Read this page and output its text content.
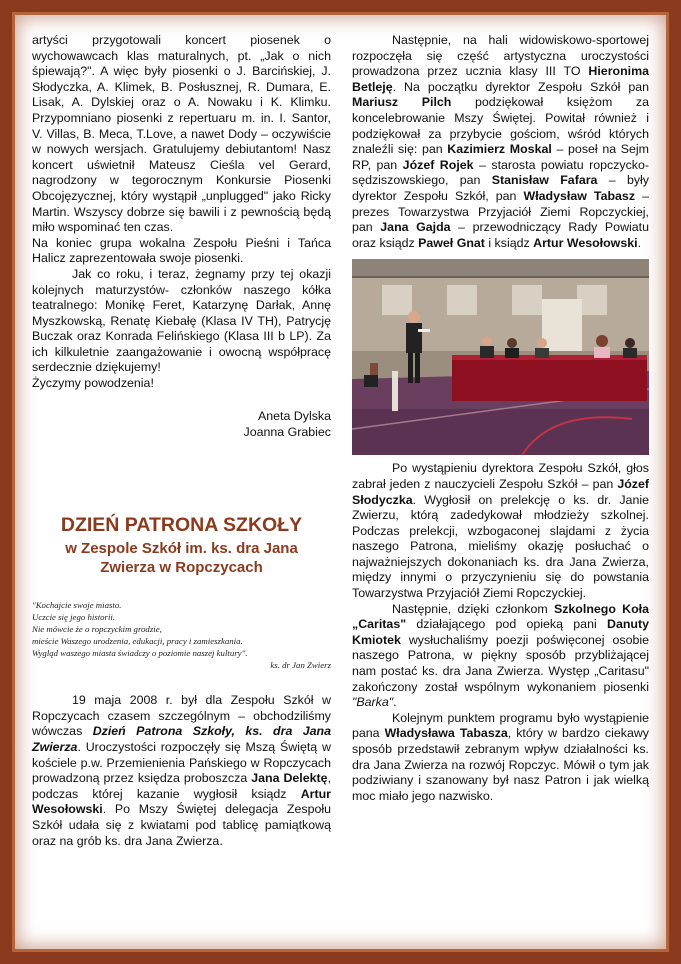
artyści przygotowali koncert piosenek o wychowawcach klas maturalnych, pt. „Jak o nich śpiewają?". A więc były piosenki o J. Barcińskiej, J. Słodyczka, A. Klimek, B. Posłusznej, R. Dumara, E. Lisak, A. Dylskiej oraz o A. Nowaku i K. Klimku. Przypomniano piosenki z repertuaru m. in. I. Santor, V. Villas, B. Meca, T.Love, a nawet Dody – oczywiście w nowych wersjach. Gratulujemy debiutantom! Nasz koncert uświetnił Mateusz Cieśla vel Gerard, nagrodzony w tegorocznym Konkursie Piosenki Obcojęzycznej, który wystąpił „unplugged" jako Ricky Martin. Wszyscy dobrze się bawili i z pewnością będą miło wspominać ten czas.

Na koniec grupa wokalna Zespołu Pieśni i Tańca Halicz zaprezentowała swoje piosenki.

Jak co roku, i teraz, żegnamy przy tej okazji kolejnych maturzystów- członków naszego kółka teatralnego: Monikę Feret, Katarzynę Darłak, Annę Myszkowską, Renatę Kiebałę (Klasa IV TH), Patrycję Buczak oraz Konrada Felińskiego (Klasa III b LP). Za ich kilkuletnie zaangażowanie i owocną współpracę serdecznie dziękujemy!

Życzymy powodzenia!

Aneta Dylska
Joanna Grabiec
DZIEŃ PATRONA SZKOŁY
w Zespole Szkół im. ks. dra Jana
Zwierza w Ropczycach
"Kochajcie swoje miasto.
Uczcie się jego historii.
Nie mówcie że o ropczyckim grodzie,
mieście Waszego urodzenia, edukacji, pracy i zamieszkania.
Wygląd waszego miasta świadczy o poziomie naszej kultury".
ks. dr Jan Zwierz

19 maja 2008 r. był dla Zespołu Szkół w Ropczycach czasem szczególnym – obchodziliśmy wówczas Dzień Patrona Szkoły, ks. dra Jana Zwierza. Uroczystości rozpoczęły się Mszą Świętą w kościele p.w. Przemienienia Pańskiego w Ropczycach prowadzoną przez księdza proboszcza Jana Delektę, podczas której kazanie wygłosił ksiądz Artur Wesołowski. Po Mszy Świętej delegacja Zespołu Szkół udała się z kwiatami pod tablicę pamiątkową oraz na grób ks. dra Jana Zwierza.

Następnie, na hali widowiskowo-sportowej rozpoczęła się część artystyczna uroczystości prowadzona przez ucznia klasy III TO Hieronima Betleję. Na początku dyrektor Zespołu Szkół pan Mariusz Pilch podziękował księżom za koncelebrowanie Mszy Świętej. Powitał również i podziękował za przybycie gościom, wśród których znaleźli się: pan Kazimierz Moskal – poseł na Sejm RP, pan Józef Rojek – starosta powiatu ropczycko-sędziszowskiego, pan Stanisław Fafara – były dyrektor Zespołu Szkół, pan Władysław Tabasz – prezes Towarzystwa Przyjaciół Ziemi Ropczyckiej, pan Jana Gajda – przewodniczący Rady Powiatu oraz ksiądz Paweł Gnat i ksiądz Artur Wesołowski.

Po wystąpieniu dyrektora Zespołu Szkół, głos zabrał jeden z nauczycieli Zespołu Szkół – pan Józef Słodyczka. Wygłosił on prelekcję o ks. dr. Janie Zwierzu, którą zadedykował młodzieży szkolnej. Podczas prelekcji, wzbogaconej slajdami z życia naszego Patrona, mieliśmy okazję posłuchać o najważniejszych dokonaniach ks. dra Jana Zwierza, między innymi o przyczynieniu się do powstania Towarzystwa Przyjaciół Ziemi Ropczyckiej.

Następnie, dzięki członkom Szkolnego Koła „Caritas" działającego pod opieką pani Danuty Kmiotek wysłuchaliśmy poezji poświęconej osobie naszego Patrona, w piękny sposób przybliżającej nam postać ks. dra Jana Zwierza. Występ „Caritasu" zakończony został wspólnym wykonaniem piosenki "Barka".

Kolejnym punktem programu było wystąpienie pana Władysława Tabasza, który w bardzo ciekawy sposób przedstawił zebranym wpływ działalności ks. dra Jana Zwierza na rozwój Ropczyc. Mówił o tym jak podziwiany i szanowany był nasz Patron i jak wielką moc miało jego nazwisko.
